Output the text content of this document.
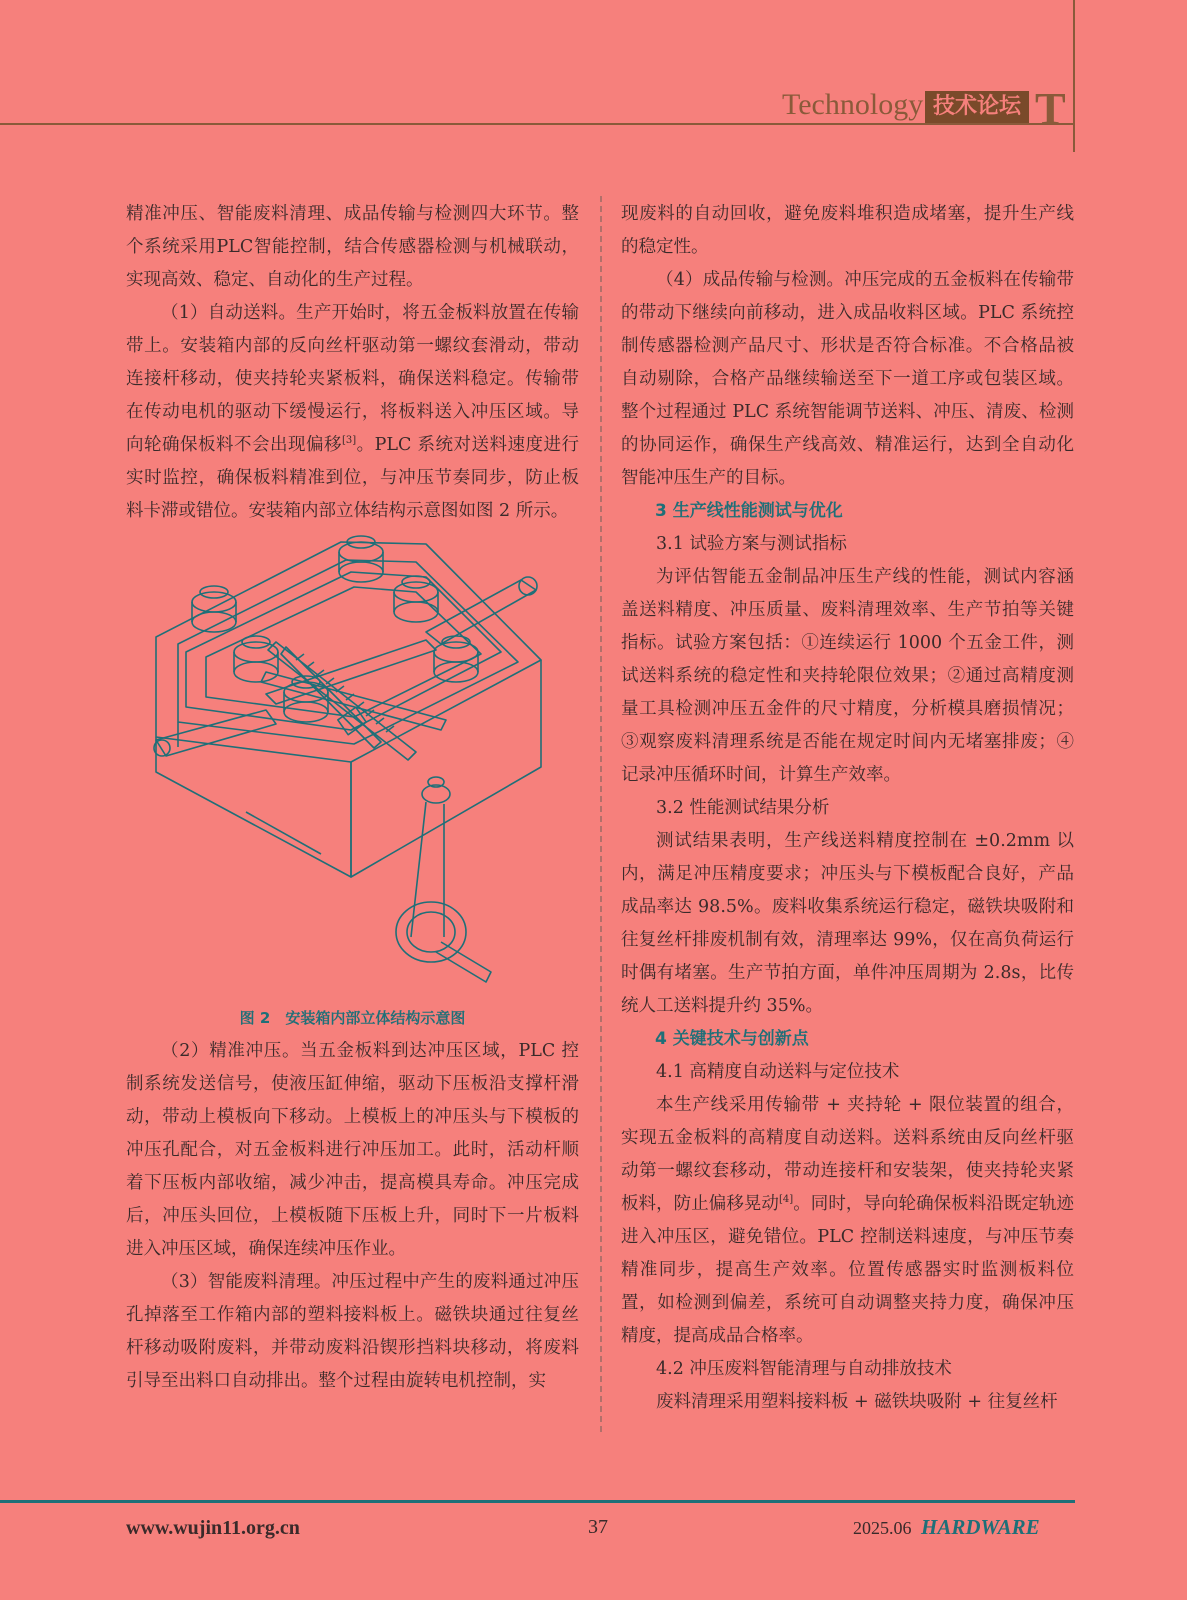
Technology 技术论坛 T

精准冲压、智能废料清理、成品传输与检测四大环节。整个系统采用PLC智能控制，结合传感器检测与机械联动，实现高效、稳定、自动化的生产过程。

（1）自动送料。生产开始时，将五金板料放置在传输带上。安装箱内部的反向丝杆驱动第一螺纹套滑动，带动连接杆移动，使夹持轮夹紧板料，确保送料稳定。传输带在传动电机的驱动下缓慢运行，将板料送入冲压区域。导向轮确保板料不会出现偏移[3]。PLC 系统对送料速度进行实时监控，确保板料精准到位，与冲压节奏同步，防止板料卡滞或错位。安装箱内部立体结构示意图如图 2 所示。

图 2　安装箱内部立体结构示意图

（2）精准冲压。当五金板料到达冲压区域，PLC 控制系统发送信号，使液压缸伸缩，驱动下压板沿支撑杆滑动，带动上模板向下移动。上模板上的冲压头与下模板的冲压孔配合，对五金板料进行冲压加工。此时，活动杆顺着下压板内部收缩，减少冲击，提高模具寿命。冲压完成后，冲压头回位，上模板随下压板上升，同时下一片板料进入冲压区域，确保连续冲压作业。

（3）智能废料清理。冲压过程中产生的废料通过冲压孔掉落至工作箱内部的塑料接料板上。磁铁块通过往复丝杆移动吸附废料，并带动废料沿锲形挡料块移动，将废料引导至出料口自动排出。整个过程由旋转电机控制，实

现废料的自动回收，避免废料堆积造成堵塞，提升生产线的稳定性。

（4）成品传输与检测。冲压完成的五金板料在传输带的带动下继续向前移动，进入成品收料区域。PLC 系统控制传感器检测产品尺寸、形状是否符合标准。不合格品被自动剔除，合格产品继续输送至下一道工序或包装区域。整个过程通过 PLC 系统智能调节送料、冲压、清废、检测的协同运作，确保生产线高效、精准运行，达到全自动化智能冲压生产的目标。

3 生产线性能测试与优化

3.1 试验方案与测试指标

为评估智能五金制品冲压生产线的性能，测试内容涵盖送料精度、冲压质量、废料清理效率、生产节拍等关键指标。试验方案包括：①连续运行 1000 个五金工件，测试送料系统的稳定性和夹持轮限位效果；②通过高精度测量工具检测冲压五金件的尺寸精度，分析模具磨损情况；③观察废料清理系统是否能在规定时间内无堵塞排废；④记录冲压循环时间，计算生产效率。

3.2 性能测试结果分析

测试结果表明，生产线送料精度控制在 ±0.2mm 以内，满足冲压精度要求；冲压头与下模板配合良好，产品成品率达 98.5%。废料收集系统运行稳定，磁铁块吸附和往复丝杆排废机制有效，清理率达 99%，仅在高负荷运行时偶有堵塞。生产节拍方面，单件冲压周期为 2.8s，比传统人工送料提升约 35%。

4 关键技术与创新点

4.1 高精度自动送料与定位技术

本生产线采用传输带 + 夹持轮 + 限位装置的组合，实现五金板料的高精度自动送料。送料系统由反向丝杆驱动第一螺纹套移动，带动连接杆和安装架，使夹持轮夹紧板料，防止偏移晃动[4]。同时，导向轮确保板料沿既定轨迹进入冲压区，避免错位。PLC 控制送料速度，与冲压节奏精准同步，提高生产效率。位置传感器实时监测板料位置，如检测到偏差，系统可自动调整夹持力度，确保冲压精度，提高成品合格率。

4.2 冲压废料智能清理与自动排放技术

废料清理采用塑料接料板 + 磁铁块吸附 + 往复丝杆

www.wujin11.org.cn	37	2025.06 HARDWARE
